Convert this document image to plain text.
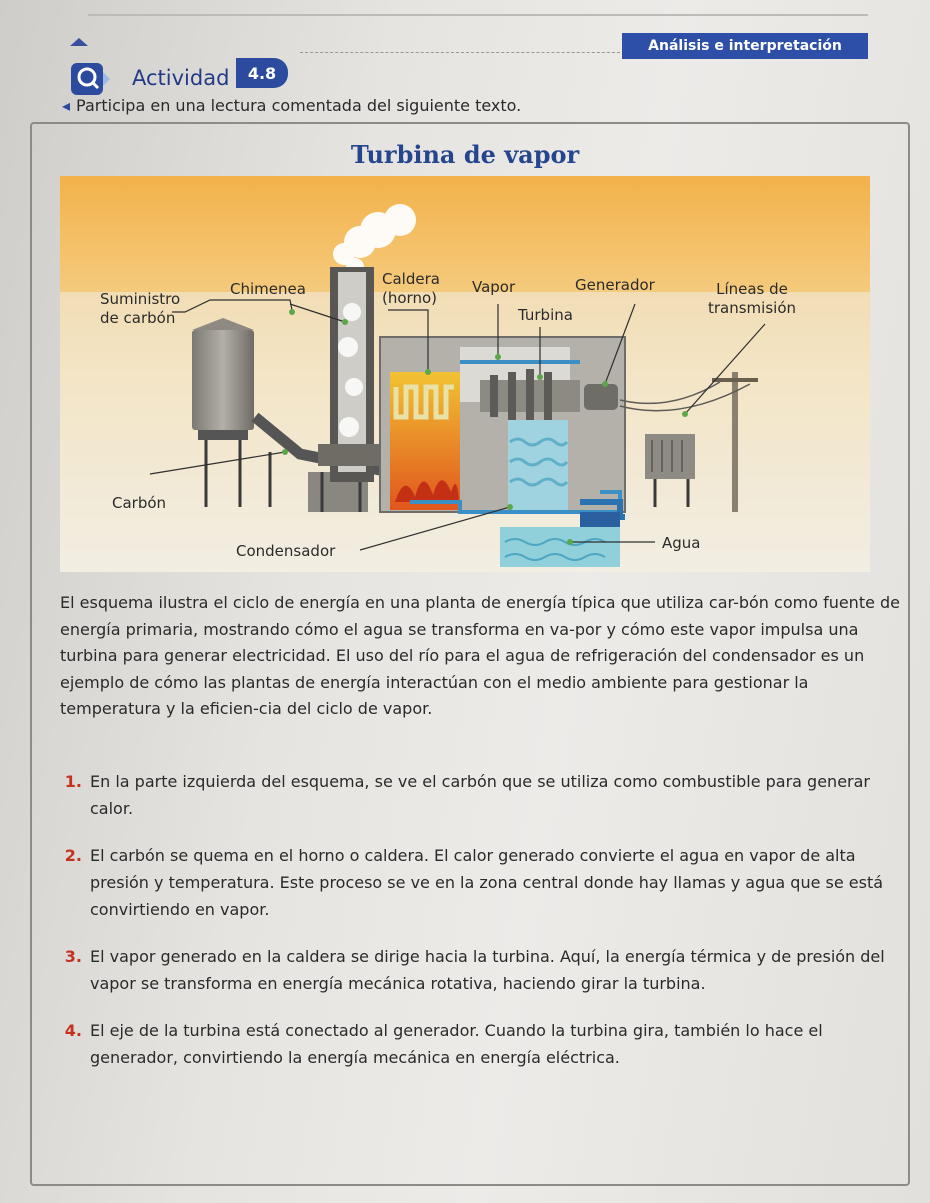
Análisis e interpretación
Actividad	4.8
◂ Participa en una lectura comentada del siguiente texto.
Turbina de vapor
Suministro
de carbón
Chimenea
Caldera
(horno)
Vapor
Turbina
Generador	Líneas de
transmisión
Carbón
Condensador	Agua
El esquema ilustra el ciclo de energía en una planta de energía típica que utiliza car-bón como fuente de energía primaria, mostrando cómo el agua se transforma en va-por y cómo este vapor impulsa una turbina para generar electricidad. El uso del río para el agua de refrigeración del condensador es un ejemplo de cómo las plantas de energía interactúan con el medio ambiente para gestionar la temperatura y la eficien-cia del ciclo de vapor.
1. En la parte izquierda del esquema, se ve el carbón que se utiliza como combustible para generar calor.
2. El carbón se quema en el horno o caldera. El calor generado convierte el agua en vapor de alta presión y temperatura. Este proceso se ve en la zona central donde hay llamas y agua que se está convirtiendo en vapor.
3. El vapor generado en la caldera se dirige hacia la turbina. Aquí, la energía térmica y de presión del vapor se transforma en energía mecánica rotativa, haciendo girar la turbina.
4. El eje de la turbina está conectado al generador. Cuando la turbina gira, también lo hace el generador, convirtiendo la energía mecánica en energía eléctrica.
